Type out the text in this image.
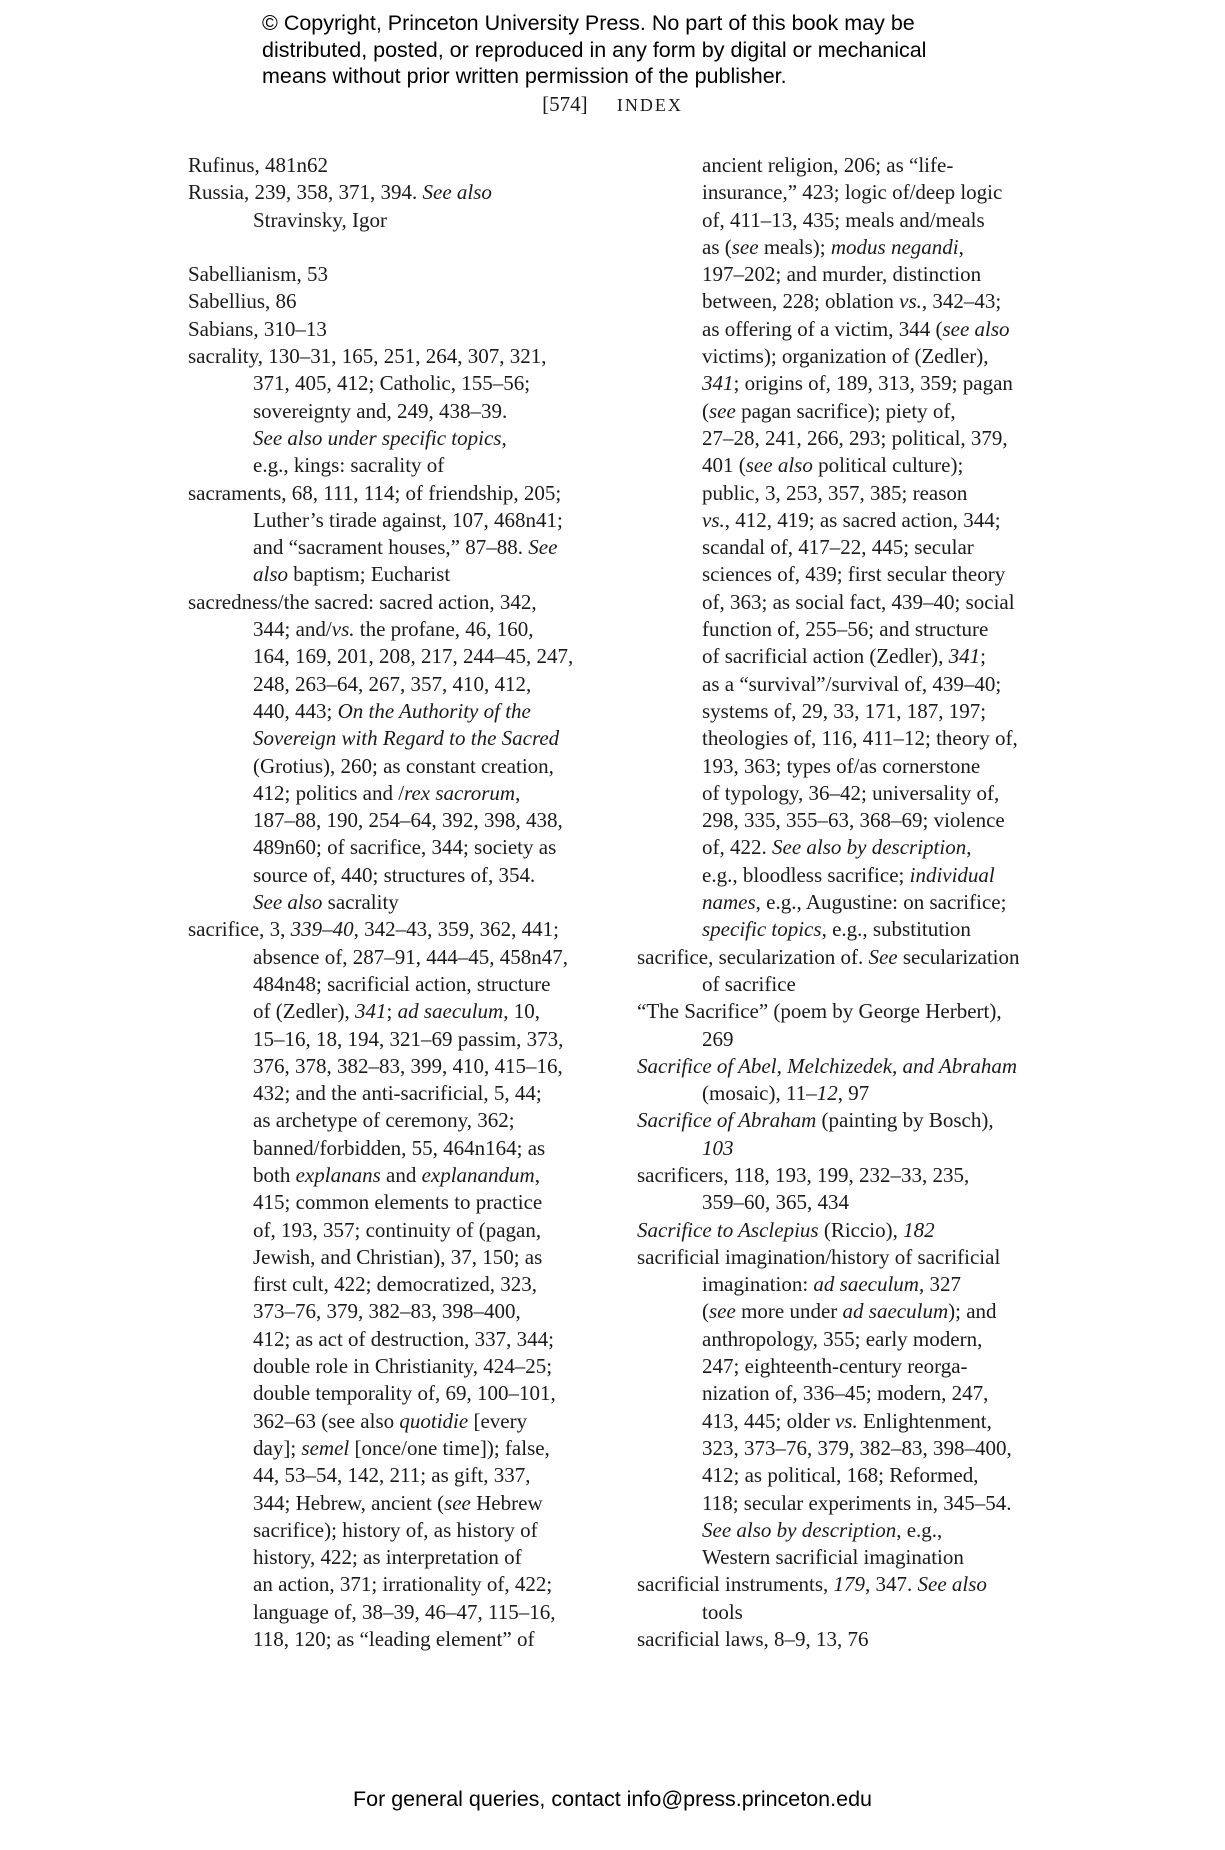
© Copyright, Princeton University Press. No part of this book may be
distributed, posted, or reproduced in any form by digital or mechanical
means without prior written permission of the publisher.
[574] INDEX
Rufinus, 481n62
Russia, 239, 358, 371, 394. See also
Stravinsky, Igor
Sabellianism, 53
Sabellius, 86
Sabians, 310–13
sacrality, 130–31, 165, 251, 264, 307, 321,
371, 405, 412; Catholic, 155–56;
sovereignty and, 249, 438–39.
See also under specific topics,
e.g., kings: sacrality of
sacraments, 68, 111, 114; of friendship, 205;
Luther’s tirade against, 107, 468n41;
and “sacrament houses,” 87–88. See
also baptism; Eucharist
sacredness/the sacred: sacred action, 342,
344; and/vs. the profane, 46, 160,
164, 169, 201, 208, 217, 244–45, 247,
248, 263–64, 267, 357, 410, 412,
440, 443; On the Authority of the
Sovereign with Regard to the Sacred
(Grotius), 260; as constant creation,
412; politics and /rex sacrorum,
187–88, 190, 254–64, 392, 398, 438,
489n60; of sacrifice, 344; society as
source of, 440; structures of, 354.
See also sacrality
sacrifice, 3, 339–40, 342–43, 359, 362, 441;
absence of, 287–91, 444–45, 458n47,
484n48; sacrificial action, structure
of (Zedler), 341; ad saeculum, 10,
15–16, 18, 194, 321–69 passim, 373,
376, 378, 382–83, 399, 410, 415–16,
432; and the anti-sacrificial, 5, 44;
as archetype of ceremony, 362;
banned/forbidden, 55, 464n164; as
both explanans and explanandum,
415; common elements to practice
of, 193, 357; continuity of (pagan,
Jewish, and Christian), 37, 150; as
first cult, 422; democratized, 323,
373–76, 379, 382–83, 398–400,
412; as act of destruction, 337, 344;
double role in Christianity, 424–25;
double temporality of, 69, 100–101,
362–63 (see also quotidie [every
day]; semel [once/one time]); false,
44, 53–54, 142, 211; as gift, 337,
344; Hebrew, ancient (see Hebrew
sacrifice); history of, as history of
history, 422; as interpretation of
an action, 371; irrationality of, 422;
language of, 38–39, 46–47, 115–16,
118, 120; as “leading element” of
ancient religion, 206; as “life-
insurance,” 423; logic of/deep logic
of, 411–13, 435; meals and/meals
as (see meals); modus negandi,
197–202; and murder, distinction
between, 228; oblation vs., 342–43;
as offering of a victim, 344 (see also
victims); organization of (Zedler),
341; origins of, 189, 313, 359; pagan
(see pagan sacrifice); piety of,
27–28, 241, 266, 293; political, 379,
401 (see also political culture);
public, 3, 253, 357, 385; reason
vs., 412, 419; as sacred action, 344;
scandal of, 417–22, 445; secular
sciences of, 439; first secular theory
of, 363; as social fact, 439–40; social
function of, 255–56; and structure
of sacrificial action (Zedler), 341;
as a “survival”/survival of, 439–40;
systems of, 29, 33, 171, 187, 197;
theologies of, 116, 411–12; theory of,
193, 363; types of/as cornerstone
of typology, 36–42; universality of,
298, 335, 355–63, 368–69; violence
of, 422. See also by description,
e.g., bloodless sacrifice; individual
names, e.g., Augustine: on sacrifice;
specific topics, e.g., substitution
sacrifice, secularization of. See secularization
of sacrifice
“The Sacrifice” (poem by George Herbert),
269
Sacrifice of Abel, Melchizedek, and Abraham
(mosaic), 11–12, 97
Sacrifice of Abraham (painting by Bosch),
103
sacrificers, 118, 193, 199, 232–33, 235,
359–60, 365, 434
Sacrifice to Asclepius (Riccio), 182
sacrificial imagination/history of sacrificial
imagination: ad saeculum, 327
(see more under ad saeculum); and
anthropology, 355; early modern,
247; eighteenth-century reorga-
nization of, 336–45; modern, 247,
413, 445; older vs. Enlightenment,
323, 373–76, 379, 382–83, 398–400,
412; as political, 168; Reformed,
118; secular experiments in, 345–54.
See also by description, e.g.,
Western sacrificial imagination
sacrificial instruments, 179, 347. See also
tools
sacrificial laws, 8–9, 13, 76
For general queries, contact info@press.princeton.edu
